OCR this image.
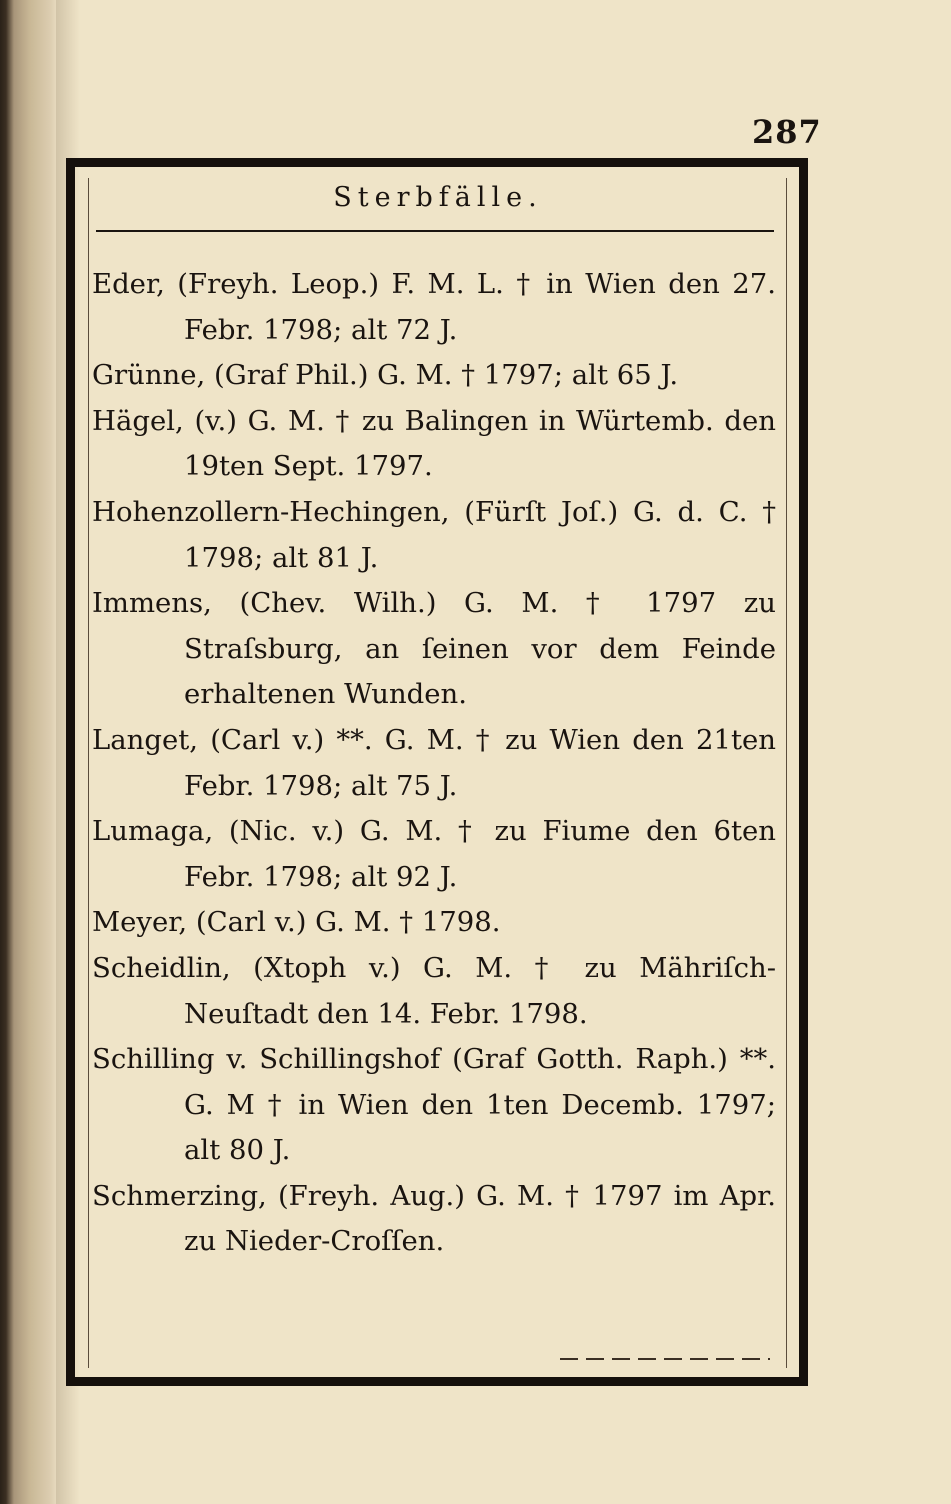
287
Sterbfälle.
Eder, (Freyh. Leop.) F. M. L. † in Wien den 27. Febr. 1798; alt 72 J.
Grünne, (Graf Phil.) G. M. † 1797; alt 65 J.
Hägel, (v.) G. M. † zu Balingen in Würtemb. den 19ten Sept. 1797.
Hohenzollern-Hechingen, (Fürſt Joſ.) G. d. C. † 1798; alt 81 J.
Immens, (Chev. Wilh.) G. M. † 1797 zu Straſsburg, an ſeinen vor dem Feinde erhaltenen Wunden.
Langet, (Carl v.) **. G. M. † zu Wien den 21ten Febr. 1798; alt 75 J.
Lumaga, (Nic. v.) G. M. † zu Fiume den 6ten Febr. 1798; alt 92 J.
Meyer, (Carl v.) G. M. † 1798.
Scheidlin, (Xtoph v.) G. M. † zu Mähriſch-Neuſtadt den 14. Febr. 1798.
Schilling v. Schillingshof (Graf Gotth. Raph.) **. G. M † in Wien den 1ten Decemb. 1797; alt 80 J.
Schmerzing, (Freyh. Aug.) G. M. † 1797 im Apr. zu Nieder-Croſſen.
